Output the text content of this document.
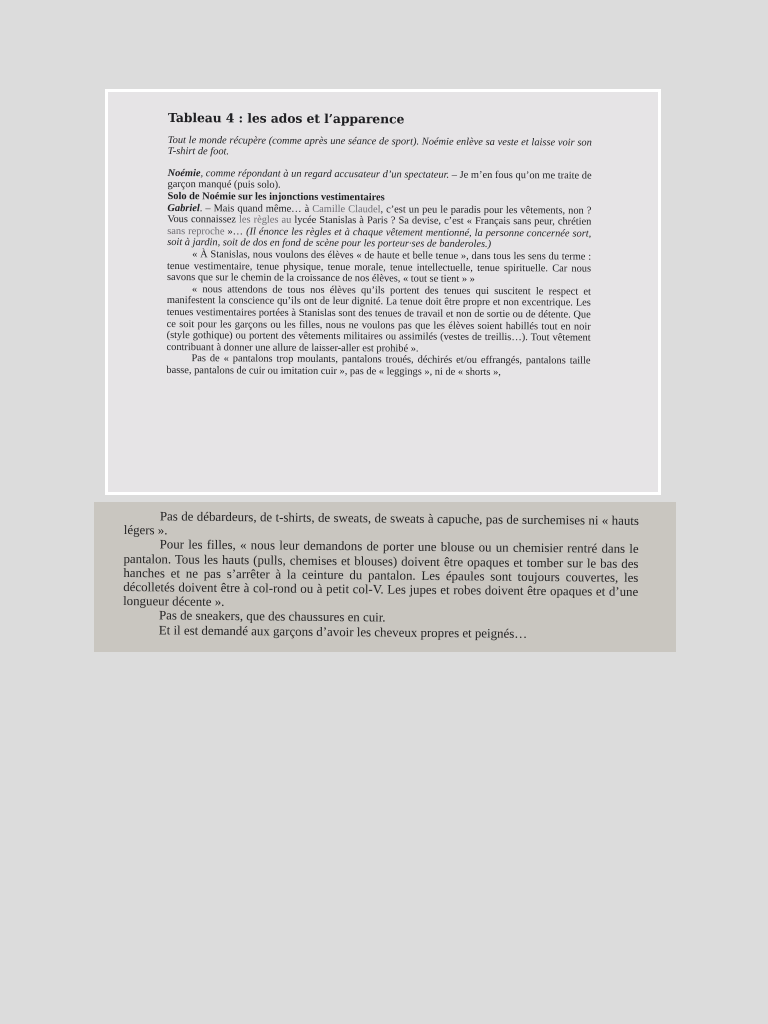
Tableau 4 : les ados et l’apparence

Tout le monde récupère (comme après une séance de sport). Noémie enlève sa veste et laisse voir son T-shirt de foot.

Noémie, comme répondant à un regard accusateur d’un spectateur. – Je m’en fous qu’on me traite de garçon manqué (puis solo).

Solo de Noémie sur les injonctions vestimentaires

Gabriel. – Mais quand même… à Camille Claudel, c’est un peu le paradis pour les vêtements, non ? Vous connaissez les règles au lycée Stanislas à Paris ? Sa devise, c’est « Français sans peur, chrétien sans reproche »… (Il énonce les règles et à chaque vêtement mentionné, la personne concernée sort, soit à jardin, soit de dos en fond de scène pour les porteur·ses de banderoles.)

« À Stanislas, nous voulons des élèves « de haute et belle tenue », dans tous les sens du terme : tenue vestimentaire, tenue physique, tenue morale, tenue intellectuelle, tenue spirituelle. Car nous savons que sur le chemin de la croissance de nos élèves, « tout se tient » »

« nous attendons de tous nos élèves qu’ils portent des tenues qui suscitent le respect et manifestent la conscience qu’ils ont de leur dignité. La tenue doit être propre et non excentrique. Les tenues vestimentaires portées à Stanislas sont des tenues de travail et non de sortie ou de détente. Que ce soit pour les garçons ou les filles, nous ne voulons pas que les élèves soient habillés tout en noir (style gothique) ou portent des vêtements militaires ou assimilés (vestes de treillis…). Tout vêtement contribuant à donner une allure de laisser-aller est prohibé ».

Pas de « pantalons trop moulants, pantalons troués, déchirés et/ou effrangés, pantalons taille basse, pantalons de cuir ou imitation cuir », pas de « leggings », ni de « shorts »,

Pas de débardeurs, de t-shirts, de sweats, de sweats à capuche, pas de surchemises ni « hauts légers ».

Pour les filles, « nous leur demandons de porter une blouse ou un chemisier rentré dans le pantalon. Tous les hauts (pulls, chemises et blouses) doivent être opaques et tomber sur le bas des hanches et ne pas s’arrêter à la ceinture du pantalon. Les épaules sont toujours couvertes, les décolletés doivent être à col-rond ou à petit col-V. Les jupes et robes doivent être opaques et d’une longueur décente ».

Pas de sneakers, que des chaussures en cuir.

Et il est demandé aux garçons d’avoir les cheveux propres et peignés…
